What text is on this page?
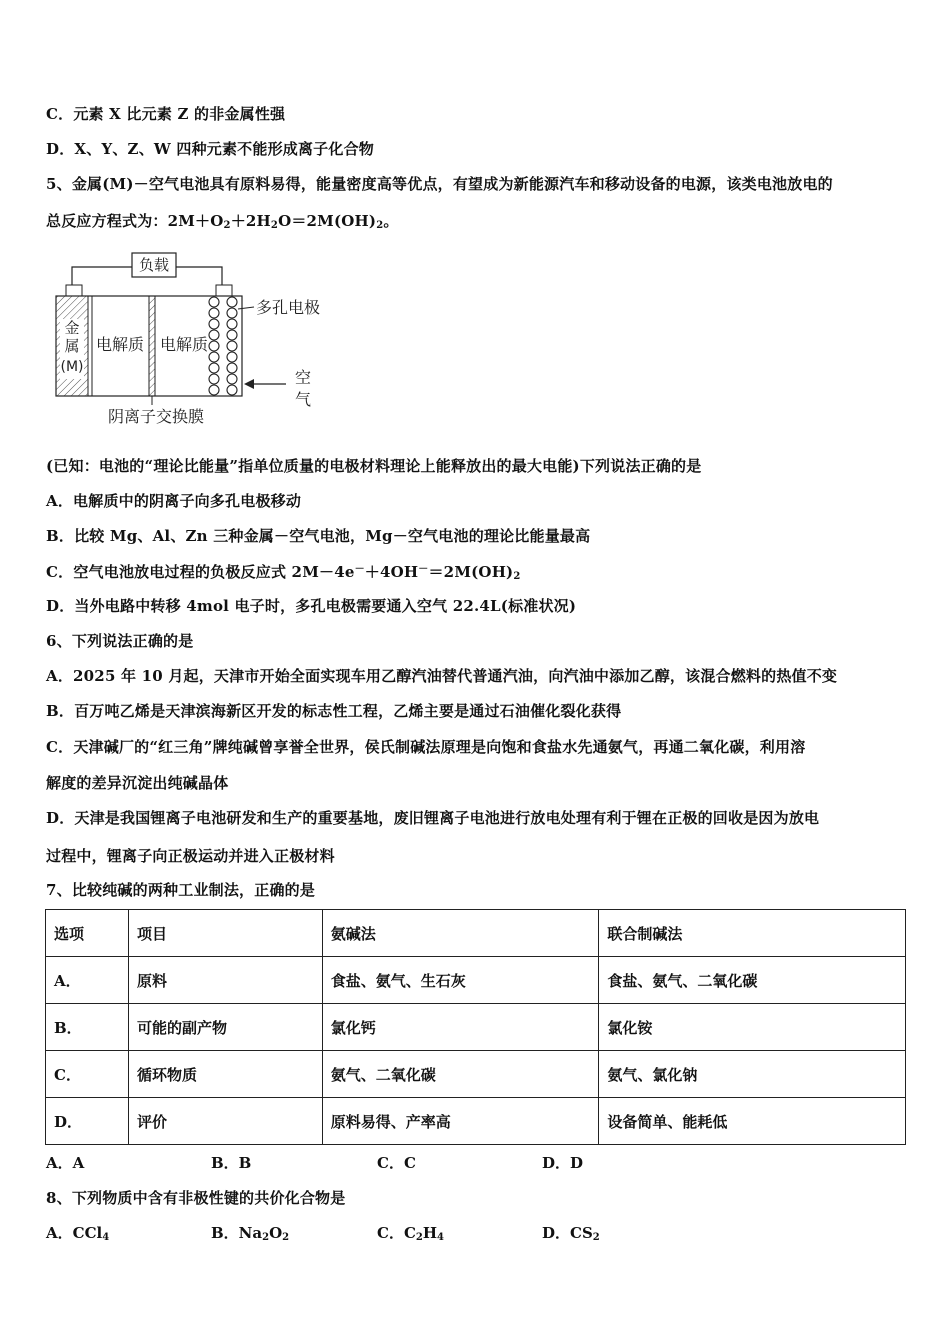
C．元素 X 比元素 Z 的非金属性强
D．X、Y、Z、W 四种元素不能形成离子化合物
5、金属(M)－空气电池具有原料易得，能量密度高等优点，有望成为新能源汽车和移动设备的电源，该类电池放电的
总反应方程式为：$2M+O_2+2H_2O=2M(OH)_2$。
负载
金
属
(M)
电解质 电解质
多孔电极
空
气
阴离子交换膜
(已知：电池的“理论比能量”指单位质量的电极材料理论上能释放出的最大电能)下列说法正确的是
A．电解质中的阴离子向多孔电极移动
B．比较 Mg、Al、Zn 三种金属－空气电池，Mg－空气电池的理论比能量最高
C．空气电池放电过程的负极反应式 $2M-4e^-+4OH^-=2M(OH)_2$
D．当外电路中转移 4mol 电子时，多孔电极需要通入空气 22.4L(标准状况)
6、下列说法正确的是
A．2025 年 10 月起，天津市开始全面实现车用乙醇汽油替代普通汽油，向汽油中添加乙醇，该混合燃料的热值不变
B．百万吨乙烯是天津滨海新区开发的标志性工程，乙烯主要是通过石油催化裂化获得
C．天津碱厂的“红三角”牌纯碱曾享誉全世界，侯氏制碱法原理是向饱和食盐水先通氨气，再通二氧化碳，利用溶
解度的差异沉淀出纯碱晶体
D．天津是我国锂离子电池研发和生产的重要基地，废旧锂离子电池进行放电处理有利于锂在正极的回收是因为放电
过程中，锂离子向正极运动并进入正极材料
7、比较纯碱的两种工业制法，正确的是
选项	项目	氨碱法	联合制碱法
A．	原料	食盐、氨气、生石灰	食盐、氨气、二氧化碳
B．	可能的副产物	氯化钙	氯化铵
C．	循环物质	氨气、二氧化碳	氨气、氯化钠
D．	评价	原料易得、产率高	设备简单、能耗低
A．A	B．B	C．C	D．D
8、下列物质中含有非极性键的共价化合物是
A．CCl$_4$	B．$Na_2O_2$	C．$C_2H_4$	D．$CS_2$
